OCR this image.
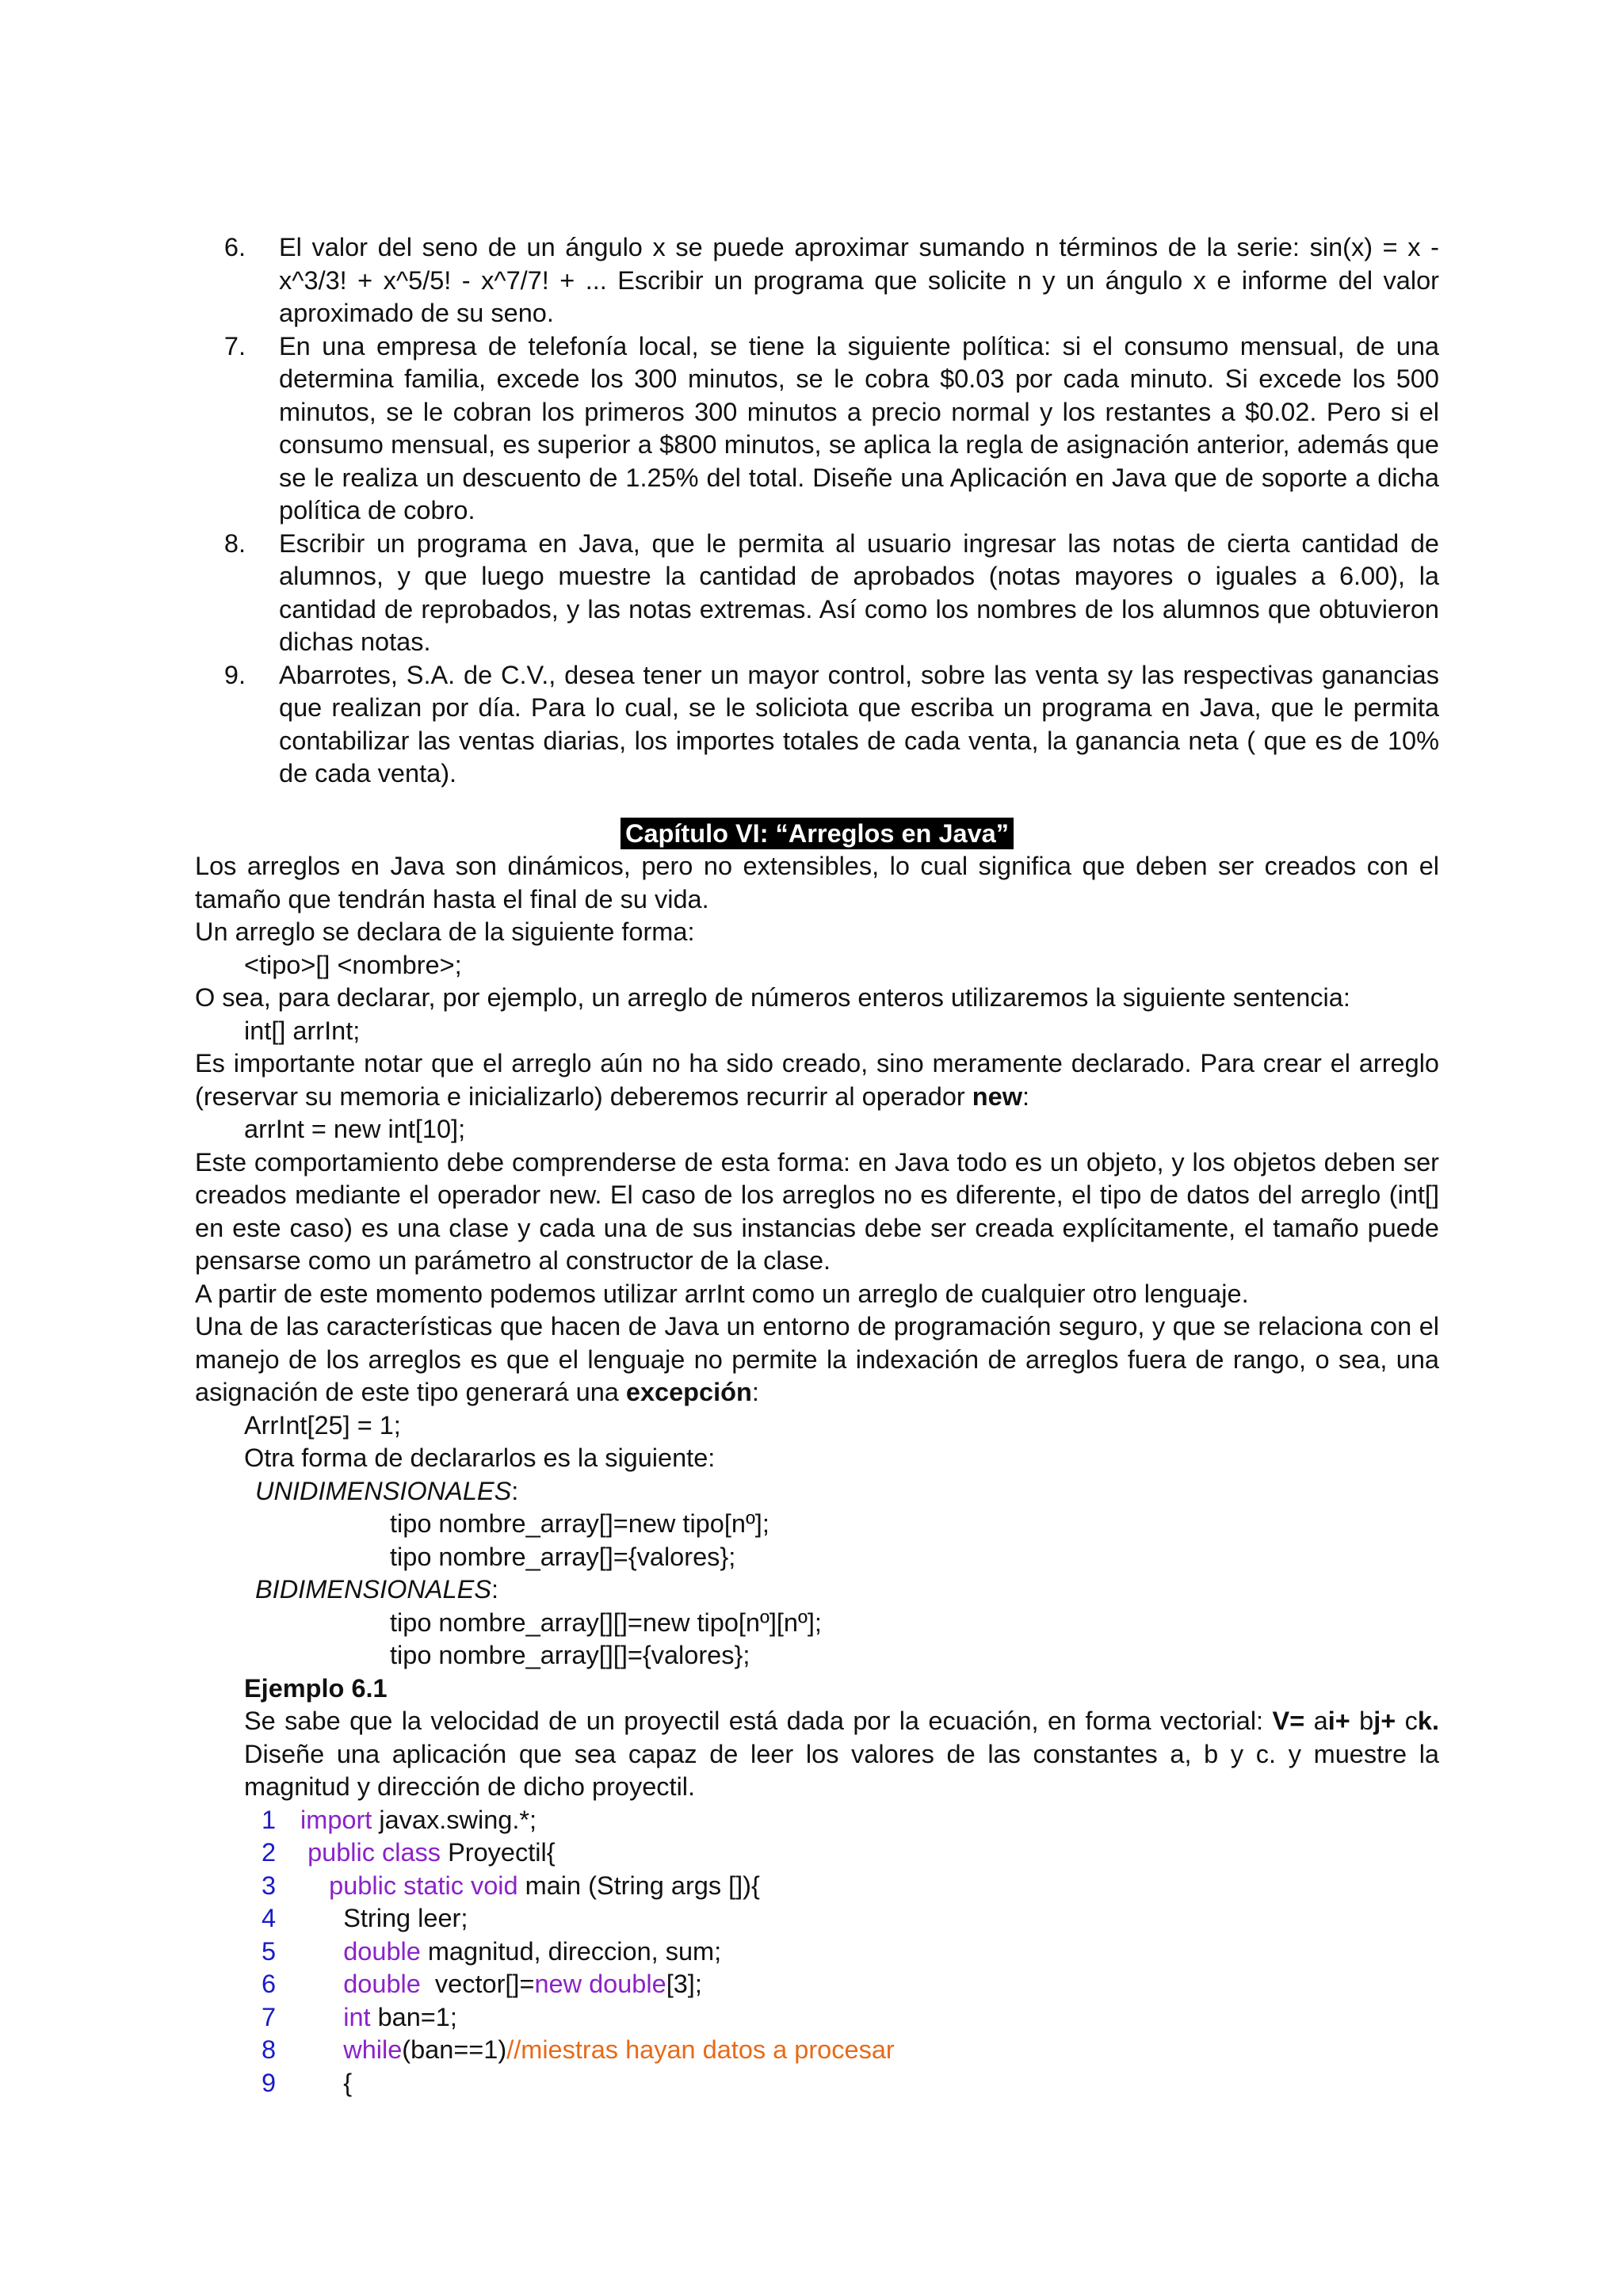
6. El valor del seno de un ángulo x se puede aproximar sumando n términos de la serie: sin(x) = x - x^3/3! + x^5/5! - x^7/7! + ... Escribir un programa que solicite n y un ángulo x e informe del valor aproximado de su seno.
7. En una empresa de telefonía local, se tiene la siguiente política: si el consumo mensual, de una determina familia, excede los 300 minutos, se le cobra $0.03 por cada minuto. Si excede los 500 minutos, se le cobran los primeros 300 minutos a precio normal y los restantes a $0.02. Pero si el consumo mensual, es superior a $800 minutos, se aplica la regla de asignación anterior, además que se le realiza un descuento de 1.25% del total. Diseñe una Aplicación en Java que de soporte a dicha política de cobro.
8. Escribir un programa en Java, que le permita al usuario ingresar las notas de cierta cantidad de alumnos, y que luego muestre la cantidad de aprobados (notas mayores o iguales a 6.00), la cantidad de reprobados, y las notas extremas. Así como los nombres de los alumnos que obtuvieron dichas notas.
9. Abarrotes, S.A. de C.V., desea tener un mayor control, sobre las venta sy las respectivas ganancias que realizan por día. Para lo cual, se le soliciota que escriba un programa en Java, que le permita contabilizar las ventas diarias, los importes totales de cada venta, la ganancia neta ( que es de 10% de cada venta).
Capítulo VI: “Arreglos en Java”
Los arreglos en Java son dinámicos, pero no extensibles, lo cual significa que deben ser creados con el tamaño que tendrán hasta el final de su vida.
Un arreglo se declara de la siguiente forma:
<tipo>[] <nombre>;
O sea, para declarar, por ejemplo, un arreglo de números enteros utilizaremos la siguiente sentencia:
int[] arrInt;
Es importante notar que el arreglo aún no ha sido creado, sino meramente declarado. Para crear el arreglo (reservar su memoria e inicializarlo) deberemos recurrir al operador new:
arrInt = new int[10];
Este comportamiento debe comprenderse de esta forma: en Java todo es un objeto, y los objetos deben ser creados mediante el operador new. El caso de los arreglos no es diferente, el tipo de datos del arreglo (int[] en este caso) es una clase y cada una de sus instancias debe ser creada explícitamente, el tamaño puede pensarse como un parámetro al constructor de la clase.
A partir de este momento podemos utilizar arrInt como un arreglo de cualquier otro lenguaje.
Una de las características que hacen de Java un entorno de programación seguro, y que se relaciona con el manejo de los arreglos es que el lenguaje no permite la indexación de arreglos fuera de rango, o sea, una asignación de este tipo generará una excepción:
ArrInt[25] = 1;
Otra forma de declararlos es la siguiente:
UNIDIMENSIONALES:
tipo nombre_array[]=new tipo[nº];
tipo nombre_array[]={valores};
BIDIMENSIONALES:
tipo nombre_array[][]=new tipo[nº][nº];
tipo nombre_array[][]={valores};
Ejemplo 6.1
Se sabe que la velocidad de un proyectil está dada por la ecuación, en forma vectorial: V= ai+ bj+ ck. Diseñe una aplicación que sea capaz de leer los valores de las constantes a, b y c. y muestre la magnitud y dirección de dicho proyectil.
1
import javax.swing.*;
2
	public class Proyectil{
3
	public static void main (String args []){
4
	String leer;
5
	double magnitud, direccion, sum;
6
	double vector[]= new double [3];
7
	int ban=1;
8
	while (ban==1) //miestras hayan datos a procesar
9
	{
